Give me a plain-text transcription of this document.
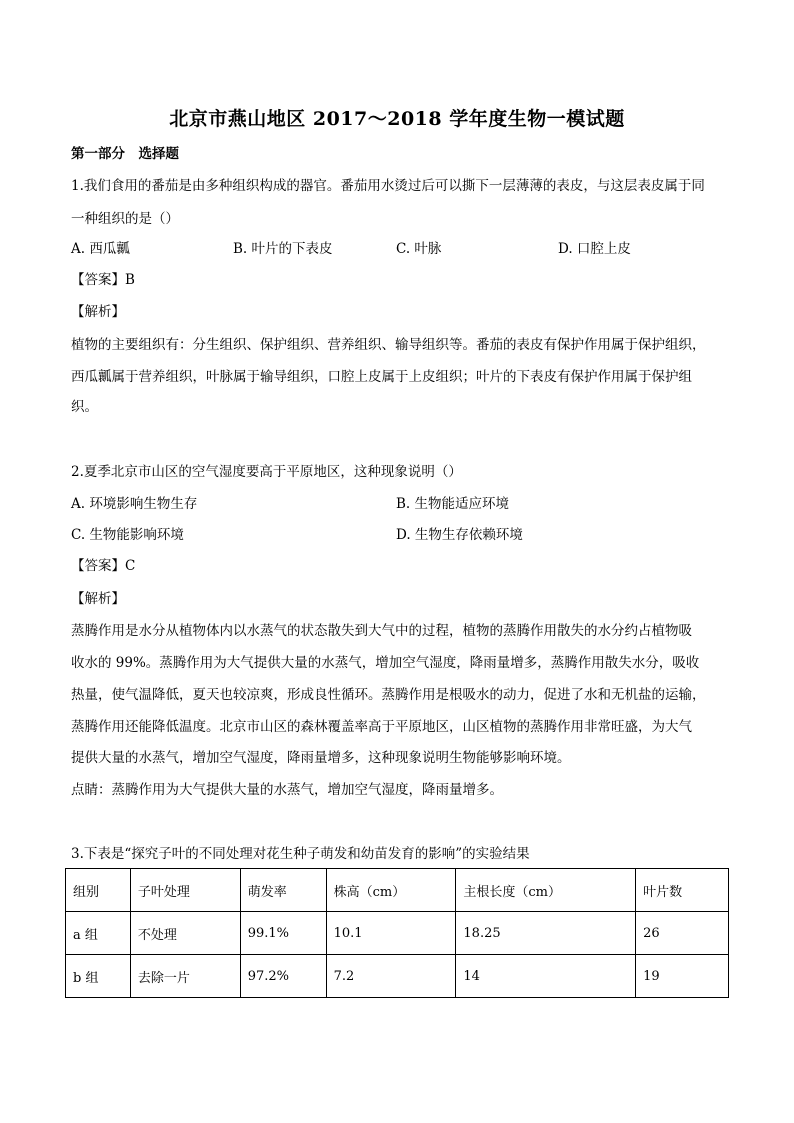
北京市燕山地区 2017～2018 学年度生物一模试题
第一部分　选择题
1.我们食用的番茄是由多种组织构成的器官。番茄用水烫过后可以撕下一层薄薄的表皮，与这层表皮属于同
一种组织的是（）
A. 西瓜瓤	B. 叶片的下表皮	C. 叶脉	D. 口腔上皮
【答案】B
【解析】
植物的主要组织有：分生组织、保护组织、营养组织、输导组织等。番茄的表皮有保护作用属于保护组织，
西瓜瓤属于营养组织，叶脉属于输导组织，口腔上皮属于上皮组织；叶片的下表皮有保护作用属于保护组
织。
2.夏季北京市山区的空气湿度要高于平原地区，这种现象说明（）
A. 环境影响生物生存	B. 生物能适应环境
C. 生物能影响环境	D. 生物生存依赖环境
【答案】C
【解析】
蒸腾作用是水分从植物体内以水蒸气的状态散失到大气中的过程，植物的蒸腾作用散失的水分约占植物吸
收水的 99%。蒸腾作用为大气提供大量的水蒸气，增加空气湿度，降雨量增多，蒸腾作用散失水分，吸收
热量，使气温降低，夏天也较凉爽，形成良性循环。蒸腾作用是根吸水的动力，促进了水和无机盐的运输，
蒸腾作用还能降低温度。北京市山区的森林覆盖率高于平原地区，山区植物的蒸腾作用非常旺盛，为大气
提供大量的水蒸气，增加空气湿度，降雨量增多，这种现象说明生物能够影响环境。
点睛：蒸腾作用为大气提供大量的水蒸气，增加空气湿度，降雨量增多。
3.下表是“探究子叶的不同处理对花生种子萌发和幼苗发育的影响”的实验结果
组别	子叶处理	萌发率	株高（cm）	主根长度（cm）	叶片数
a 组	不处理	99.1%	10.1	18.25	26
b 组	去除一片	97.2%	7.2	14	19
